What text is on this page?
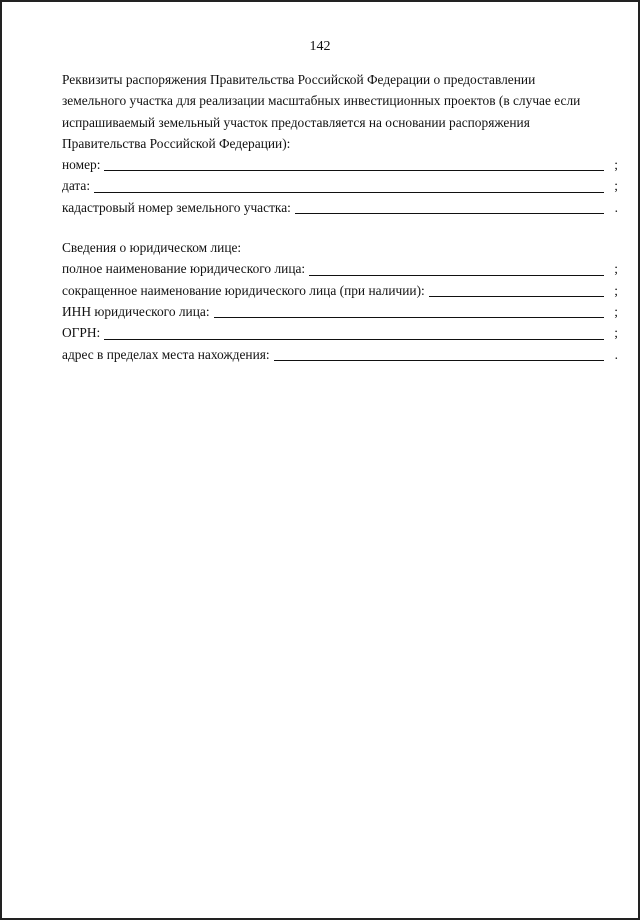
142

Реквизиты распоряжения Правительства Российской Федерации о предоставлении

земельного участка для реализации масштабных инвестиционных проектов (в случае если

испрашиваемый земельный участок предоставляется на основании распоряжения

Правительства Российской Федерации):

номер:	;
дата:	;
кадастровый номер земельного участка:	.

Сведения о юридическом лице:

полное наименование юридического лица:	;
сокращенное наименование юридического лица (при наличии):	;
ИНН юридического лица:	;
ОГРН:	;
адрес в пределах места нахождения:	.
